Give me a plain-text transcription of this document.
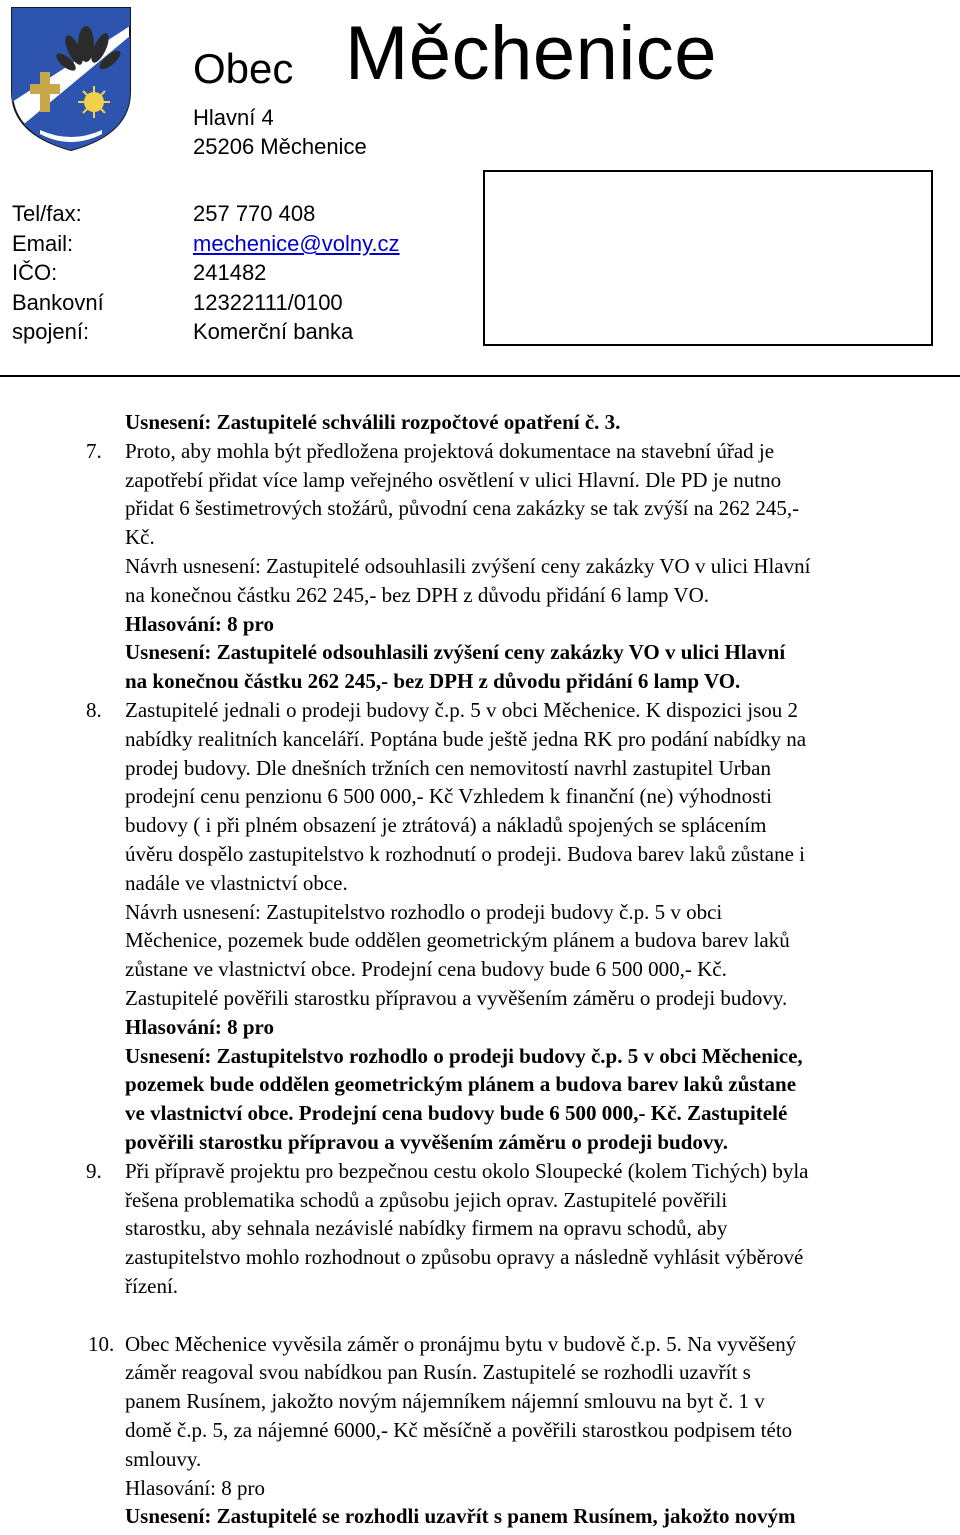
Obec Měchenice
Hlavní 4
25206 Měchenice
Tel/fax:	257 770 408
Email:	mechenice@volny.cz
IČO:	241482
Bankovní	12322111/0100
spojení:	Komerční banka
Usnesení: Zastupitelé schválili rozpočtové opatření č. 3.
7. Proto, aby mohla být předložena projektová dokumentace na stavební úřad je
zapotřebí přidat více lamp veřejného osvětlení v ulici Hlavní. Dle PD je nutno
přidat 6 šestimetrových stožárů, původní cena zakázky se tak zvýší na 262 245,-
Kč.
Návrh usnesení: Zastupitelé odsouhlasili zvýšení ceny zakázky VO v ulici Hlavní
na konečnou částku 262 245,- bez DPH z důvodu přidání 6 lamp VO.
Hlasování: 8 pro
Usnesení: Zastupitelé odsouhlasili zvýšení ceny zakázky VO v ulici Hlavní
na konečnou částku 262 245,- bez DPH z důvodu přidání 6 lamp VO.
8. Zastupitelé jednali o prodeji budovy č.p. 5 v obci Měchenice. K dispozici jsou 2
nabídky realitních kanceláří. Poptána bude ještě jedna RK pro podání nabídky na
prodej budovy. Dle dnešních tržních cen nemovitostí navrhl zastupitel Urban
prodejní cenu penzionu 6 500 000,- Kč Vzhledem k finanční (ne) výhodnosti
budovy ( i při plném obsazení je ztrátová) a nákladů spojených se splácením
úvěru dospělo zastupitelstvo k rozhodnutí o prodeji. Budova barev laků zůstane i
nadále ve vlastnictví obce.
Návrh usnesení: Zastupitelstvo rozhodlo o prodeji budovy č.p. 5 v obci
Měchenice, pozemek bude oddělen geometrickým plánem a budova barev laků
zůstane ve vlastnictví obce. Prodejní cena budovy bude 6 500 000,- Kč.
Zastupitelé pověřili starostku přípravou a vyvěšením záměru o prodeji budovy.
Hlasování: 8 pro
Usnesení: Zastupitelstvo rozhodlo o prodeji budovy č.p. 5 v obci Měchenice,
pozemek bude oddělen geometrickým plánem a budova barev laků zůstane
ve vlastnictví obce. Prodejní cena budovy bude 6 500 000,- Kč. Zastupitelé
pověřili starostku přípravou a vyvěšením záměru o prodeji budovy.
9. Při přípravě projektu pro bezpečnou cestu okolo Sloupecké (kolem Tichých) byla
řešena problematika schodů a způsobu jejich oprav. Zastupitelé pověřili
starostku, aby sehnala nezávislé nabídky firmem na opravu schodů, aby
zastupitelstvo mohlo rozhodnout o způsobu opravy a následně vyhlásit výběrové
řízení.
10. Obec Měchenice vyvěsila záměr o pronájmu bytu v budově č.p. 5. Na vyvěšený
záměr reagoval svou nabídkou pan Rusín. Zastupitelé se rozhodli uzavřít s
panem Rusínem, jakožto novým nájemníkem nájemní smlouvu na byt č. 1 v
domě č.p. 5, za nájemné 6000,- Kč měsíčně a pověřili starostkou podpisem této
smlouvy.
Hlasování: 8 pro
Usnesení: Zastupitelé se rozhodli uzavřít s panem Rusínem, jakožto novým
